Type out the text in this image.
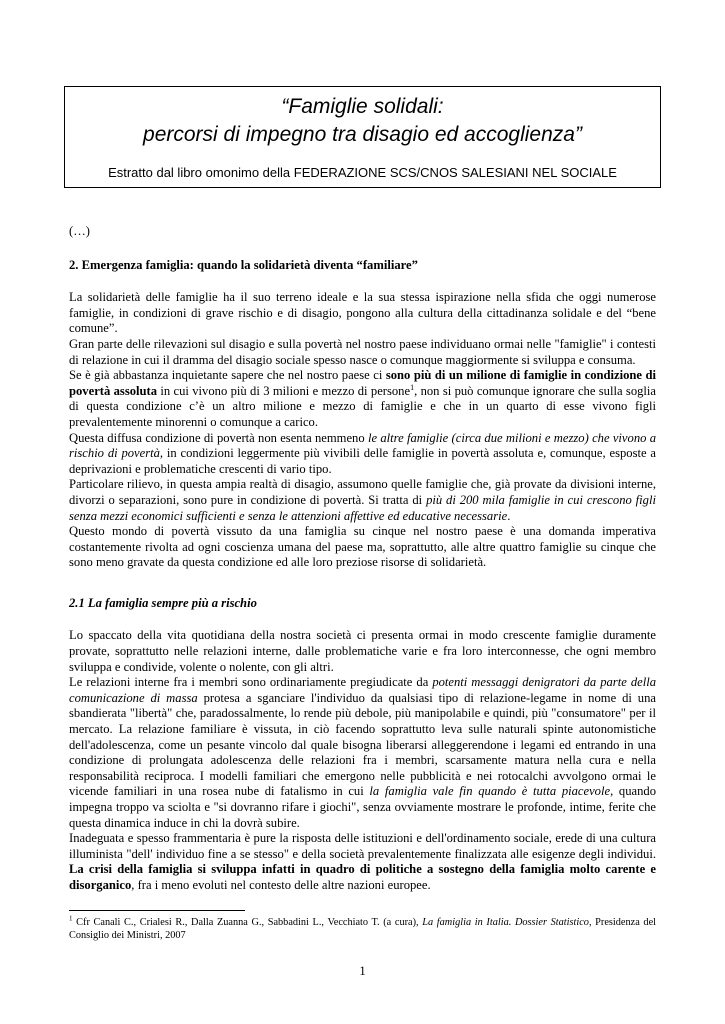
“Famiglie solidali:
percorsi di impegno tra disagio ed accoglienza”
Estratto dal libro omonimo della FEDERAZIONE SCS/CNOS SALESIANI NEL SOCIALE

(…)

2. Emergenza famiglia: quando la solidarietà diventa “familiare”

La solidarietà delle famiglie ha il suo terreno ideale e la sua stessa ispirazione nella sfida che oggi numerose famiglie, in condizioni di grave rischio e di disagio, pongono alla cultura della cittadinanza solidale e del “bene comune”.

Gran parte delle rilevazioni sul disagio e sulla povertà nel nostro paese individuano ormai nelle "famiglie" i contesti di relazione in cui il dramma del disagio sociale spesso nasce o comunque maggiormente si sviluppa e consuma.

Se è già abbastanza inquietante sapere che nel nostro paese ci sono più di un milione di famiglie in condizione di povertà assoluta in cui vivono più di 3 milioni e mezzo di persone$^1$, non si può comunque ignorare che sulla soglia di questa condizione c’è un altro milione e mezzo di famiglie e che in un quarto di esse vivono figli prevalentemente minorenni o comunque a carico.

Questa diffusa condizione di povertà non esenta nemmeno le altre famiglie (circa due milioni e mezzo) che vivono a rischio di povertà, in condizioni leggermente più vivibili delle famiglie in povertà assoluta e, comunque, esposte a deprivazioni e problematiche crescenti di vario tipo.

Particolare rilievo, in questa ampia realtà di disagio, assumono quelle famiglie che, già provate da divisioni interne, divorzi o separazioni, sono pure in condizione di povertà. Si tratta di più di 200 mila famiglie in cui crescono figli senza mezzi economici sufficienti e senza le attenzioni affettive ed educative necessarie.

Questo mondo di povertà vissuto da una famiglia su cinque nel nostro paese è una domanda imperativa costantemente rivolta ad ogni coscienza umana del paese ma, soprattutto, alle altre quattro famiglie su cinque che sono meno gravate da questa condizione ed alle loro preziose risorse di solidarietà.

2.1 La famiglia sempre più a rischio

Lo spaccato della vita quotidiana della nostra società ci presenta ormai in modo crescente famiglie duramente provate, soprattutto nelle relazioni interne, dalle problematiche varie e fra loro interconnesse, che ogni membro sviluppa e condivide, volente o nolente, con gli altri.

Le relazioni interne fra i membri sono ordinariamente pregiudicate da potenti messaggi denigratori da parte della comunicazione di massa protesa a sganciare l'individuo da qualsiasi tipo di relazione-legame in nome di una sbandierata "libertà" che, paradossalmente, lo rende più debole, più manipolabile e quindi, più "consumatore" per il mercato. La relazione familiare è vissuta, in ciò facendo soprattutto leva sulle naturali spinte autonomistiche dell'adolescenza, come un pesante vincolo dal quale bisogna liberarsi alleggerendone i legami ed entrando in una condizione di prolungata adolescenza delle relazioni fra i membri, scarsamente matura nella cura e nella responsabilità reciproca. I modelli familiari che emergono nelle pubblicità e nei rotocalchi avvolgono ormai le vicende familiari in una rosea nube di fatalismo in cui la famiglia vale fin quando è tutta piacevole, quando impegna troppo va sciolta e "si dovranno rifare i giochi", senza ovviamente mostrare le profonde, intime, ferite che questa dinamica induce in chi la dovrà subire.

Inadeguata e spesso frammentaria è pure la risposta delle istituzioni e dell'ordinamento sociale, erede di una cultura illuminista "dell' individuo fine a se stesso" e della società prevalentemente finalizzata alle esigenze degli individui. La crisi della famiglia si sviluppa infatti in quadro di politiche a sostegno della famiglia molto carente e disorganico, fra i meno evoluti nel contesto delle altre nazioni europee.

$^1$ Cfr Canali C., Crialesi R., Dalla Zuanna G., Sabbadini L., Vecchiato T. (a cura), La famiglia in Italia. Dossier Statistico, Presidenza del Consiglio dei Ministri, 2007
1
